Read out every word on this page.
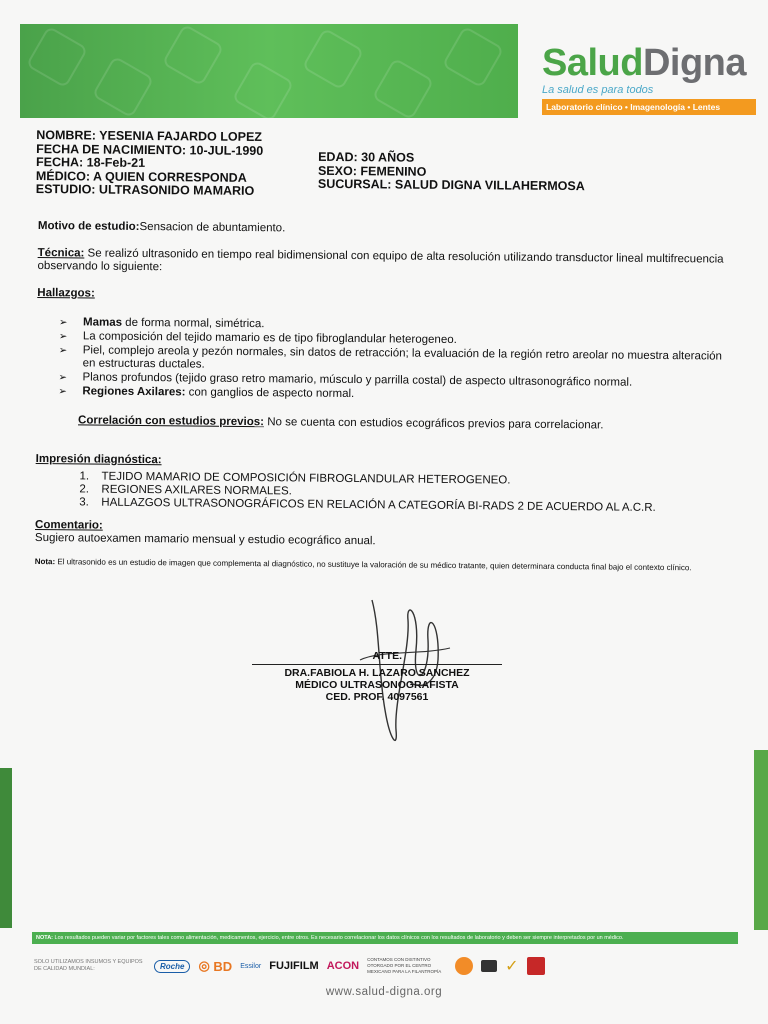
SaludDigna
La salud es para todos
Laboratorio clínico • Imagenología • Lentes
NOMBRE: YESENIA FAJARDO LOPEZ
FECHA DE NACIMIENTO: 10-JUL-1990
FECHA: 18-Feb-21
MÉDICO: A QUIEN CORRESPONDA
ESTUDIO: ULTRASONIDO MAMARIO
EDAD: 30 AÑOS
SEXO: FEMENINO
SUCURSAL: SALUD DIGNA VILLAHERMOSA
Motivo de estudio:Sensacion de abuntamiento.
Técnica: Se realizó ultrasonido en tiempo real bidimensional con equipo de alta resolución utilizando transductor lineal multifrecuencia observando lo siguiente:
Hallazgos:
➢ Mamas de forma normal, simétrica.
➢ La composición del tejido mamario es de tipo fibroglandular heterogeneo.
➢ Piel, complejo areola y pezón normales, sin datos de retracción; la evaluación de la región retro areolar no muestra alteración en estructuras ductales.
➢ Planos profundos (tejido graso retro mamario, músculo y parrilla costal) de aspecto ultrasonográfico normal.
➢ Regiones Axilares: con ganglios de aspecto normal.
Correlación con estudios previos: No se cuenta con estudios ecográficos previos para correlacionar.
Impresión diagnóstica:
1. TEJIDO MAMARIO DE COMPOSICIÓN FIBROGLANDULAR HETEROGENEO.
2. REGIONES AXILARES NORMALES.
3. HALLAZGOS ULTRASONOGRÁFICOS EN RELACIÓN A CATEGORÍA BI-RADS 2 DE ACUERDO AL A.C.R.
Comentario:
Sugiero autoexamen mamario mensual y estudio ecográfico anual.
Nota: El ultrasonido es un estudio de imagen que complementa al diagnóstico, no sustituye la valoración de su médico tratante, quien determinara conducta final bajo el contexto clínico.
ATTE.
DRA.FABIOLA H. LAZARO SANCHEZ
MÉDICO ULTRASONOGRAFISTA
CED. PROF. 4097561
NOTA: Los resultados pueden variar por factores tales como alimentación, medicamentos, ejercicio, entre otros. Es necesario correlacionar los datos clínicos con los resultados de laboratorio y deben ser siempre interpretados por un médico.
SOLO UTILIZAMOS INSUMOS Y EQUIPOS DE CALIDAD MUNDIAL:	Roche	◎ BD Essilor FUJIFILM ACON
CONTAMOS CON DISTINTIVO OTORGADO POR EL CENTRO MEXICANO PARA LA FILANTROPÍA	✓
www.salud-digna.org
